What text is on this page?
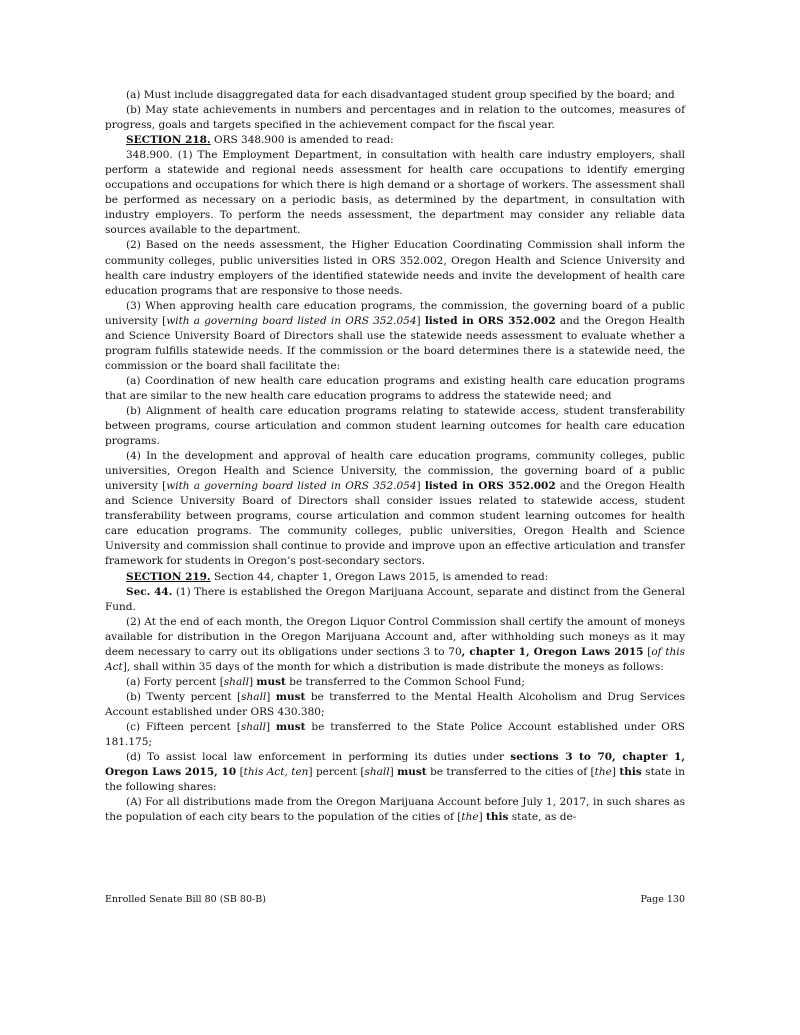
(a) Must include disaggregated data for each disadvantaged student group specified by the board; and

(b) May state achievements in numbers and percentages and in relation to the outcomes, measures of progress, goals and targets specified in the achievement compact for the fiscal year.

SECTION 218. ORS 348.900 is amended to read:

348.900. (1) The Employment Department, in consultation with health care industry employers, shall perform a statewide and regional needs assessment for health care occupations to identify emerging occupations and occupations for which there is high demand or a shortage of workers. The assessment shall be performed as necessary on a periodic basis, as determined by the department, in consultation with industry employers. To perform the needs assessment, the department may consider any reliable data sources available to the department.

(2) Based on the needs assessment, the Higher Education Coordinating Commission shall inform the community colleges, public universities listed in ORS 352.002, Oregon Health and Science University and health care industry employers of the identified statewide needs and invite the development of health care education programs that are responsive to those needs.

(3) When approving health care education programs, the commission, the governing board of a public university [with a governing board listed in ORS 352.054] listed in ORS 352.002 and the Oregon Health and Science University Board of Directors shall use the statewide needs assessment to evaluate whether a program fulfills statewide needs. If the commission or the board determines there is a statewide need, the commission or the board shall facilitate the:

(a) Coordination of new health care education programs and existing health care education programs that are similar to the new health care education programs to address the statewide need; and

(b) Alignment of health care education programs relating to statewide access, student transferability between programs, course articulation and common student learning outcomes for health care education programs.

(4) In the development and approval of health care education programs, community colleges, public universities, Oregon Health and Science University, the commission, the governing board of a public university [with a governing board listed in ORS 352.054] listed in ORS 352.002 and the Oregon Health and Science University Board of Directors shall consider issues related to statewide access, student transferability between programs, course articulation and common student learning outcomes for health care education programs. The community colleges, public universities, Oregon Health and Science University and commission shall continue to provide and improve upon an effective articulation and transfer framework for students in Oregon’s post-secondary sectors.

SECTION 219. Section 44, chapter 1, Oregon Laws 2015, is amended to read:

Sec. 44. (1) There is established the Oregon Marijuana Account, separate and distinct from the General Fund.

(2) At the end of each month, the Oregon Liquor Control Commission shall certify the amount of moneys available for distribution in the Oregon Marijuana Account and, after withholding such moneys as it may deem necessary to carry out its obligations under sections 3 to 70, chapter 1, Oregon Laws 2015 [of this Act], shall within 35 days of the month for which a distribution is made distribute the moneys as follows:

(a) Forty percent [shall] must be transferred to the Common School Fund;

(b) Twenty percent [shall] must be transferred to the Mental Health Alcoholism and Drug Services Account established under ORS 430.380;

(c) Fifteen percent [shall] must be transferred to the State Police Account established under ORS 181.175;

(d) To assist local law enforcement in performing its duties under sections 3 to 70, chapter 1, Oregon Laws 2015, 10 [this Act, ten] percent [shall] must be transferred to the cities of [the] this state in the following shares:

(A) For all distributions made from the Oregon Marijuana Account before July 1, 2017, in such shares as the population of each city bears to the population of the cities of [the] this state, as de-

Enrolled Senate Bill 80 (SB 80-B)	Page 130
